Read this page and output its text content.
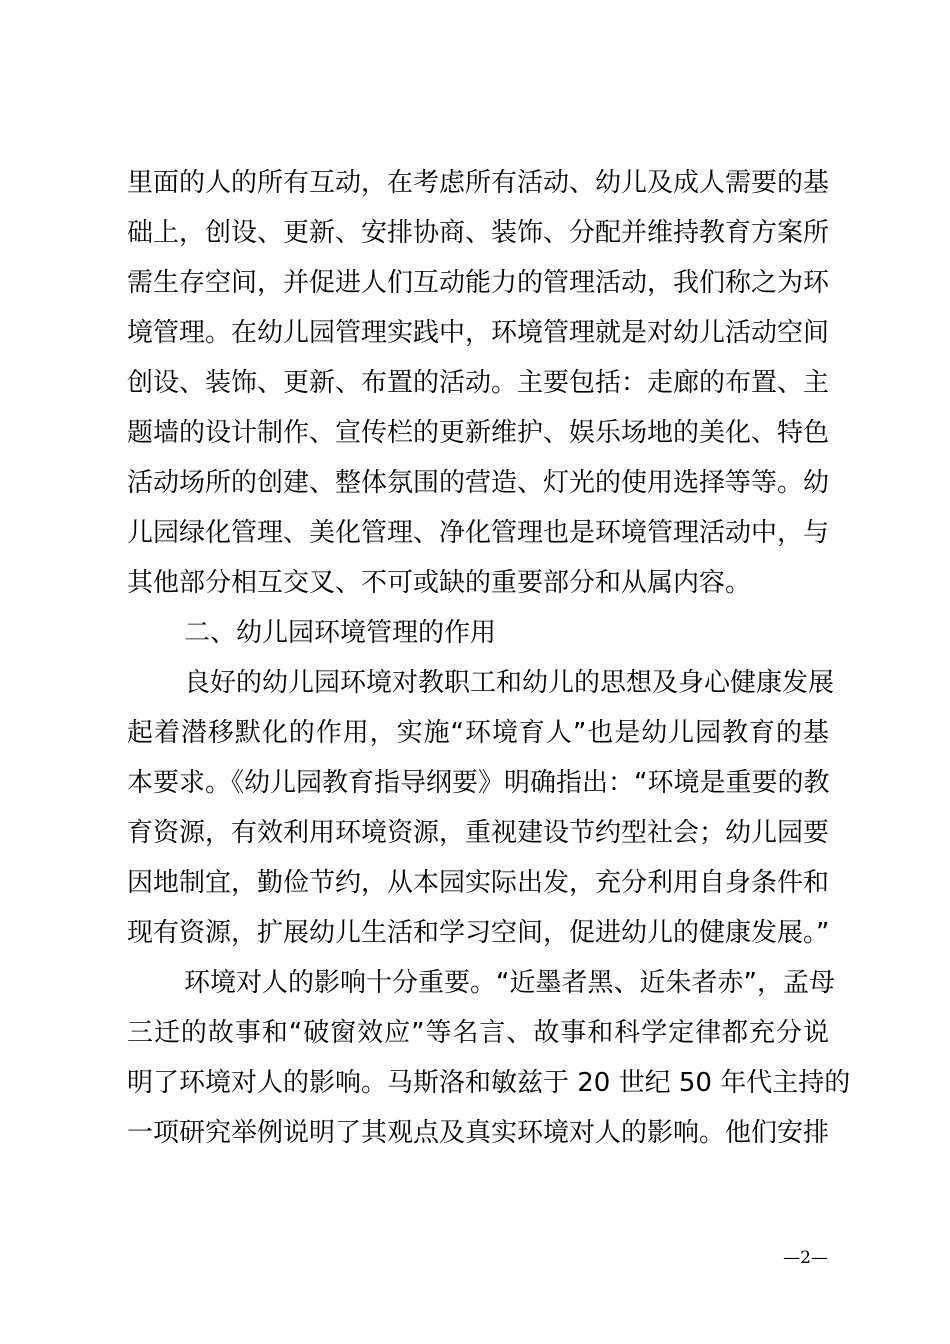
里面的人的所有互动，在考虑所有活动、幼儿及成人需要的基
础上，创设、更新、安排协商、装饰、分配并维持教育方案所
需生存空间，并促进人们互动能力的管理活动，我们称之为环
境管理。在幼儿园管理实践中，环境管理就是对幼儿活动空间
创设、装饰、更新、布置的活动。主要包括：走廊的布置、主
题墙的设计制作、宣传栏的更新维护、娱乐场地的美化、特色
活动场所的创建、整体氛围的营造、灯光的使用选择等等。幼
儿园绿化管理、美化管理、净化管理也是环境管理活动中，与
其他部分相互交叉、不可或缺的重要部分和从属内容。
二、幼儿园环境管理的作用
良好的幼儿园环境对教职工和幼儿的思想及身心健康发展
起着潜移默化的作用，实施“环境育人”也是幼儿园教育的基
本要求。《幼儿园教育指导纲要》明确指出：“环境是重要的教
育资源，有效利用环境资源，重视建设节约型社会；幼儿园要
因地制宜，勤俭节约，从本园实际出发，充分利用自身条件和
现有资源，扩展幼儿生活和学习空间，促进幼儿的健康发展。”
环境对人的影响十分重要。“近墨者黑、近朱者赤”，孟母
三迁的故事和“破窗效应”等名言、故事和科学定律都充分说
明了环境对人的影响。马斯洛和敏兹于 20 世纪 50 年代主持的
一项研究举例说明了其观点及真实环境对人的影响。他们安排
—2—
